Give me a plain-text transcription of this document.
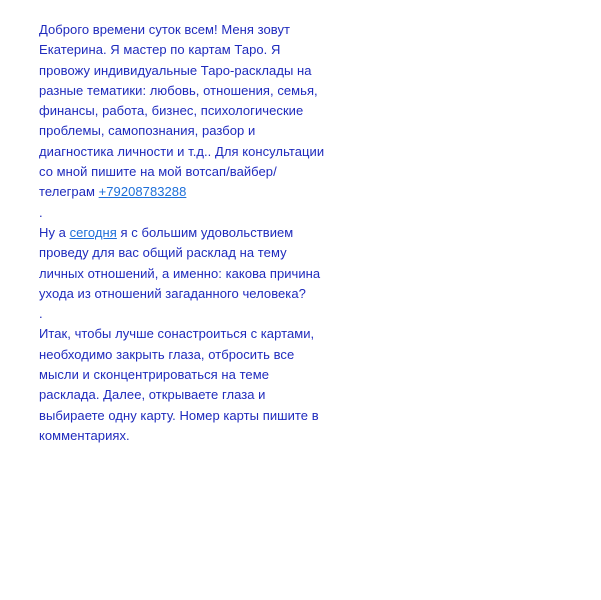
Доброго времени суток всем! Меня зовут Екатерина. Я мастер по картам Таро. Я провожу индивидуальные Таро-расклады на разные тематики: любовь, отношения, семья, финансы, работа, бизнес, психологические проблемы, самопознания, разбор и диагностика личности и т.д.. Для консультации со мной пишите на мой вотсап/вайбер/телеграм +79208783288

.

Ну а сегодня я с большим удовольствием проведу для вас общий расклад на тему личных отношений, а именно: какова причина ухода из отношений загаданного человека?

.

Итак, чтобы лучше сонастроиться с картами, необходимо закрыть глаза, отбросить все мысли и сконцентрироваться на теме расклада. Далее, открываете глаза и выбираете одну карту. Номер карты пишите в комментариях.
